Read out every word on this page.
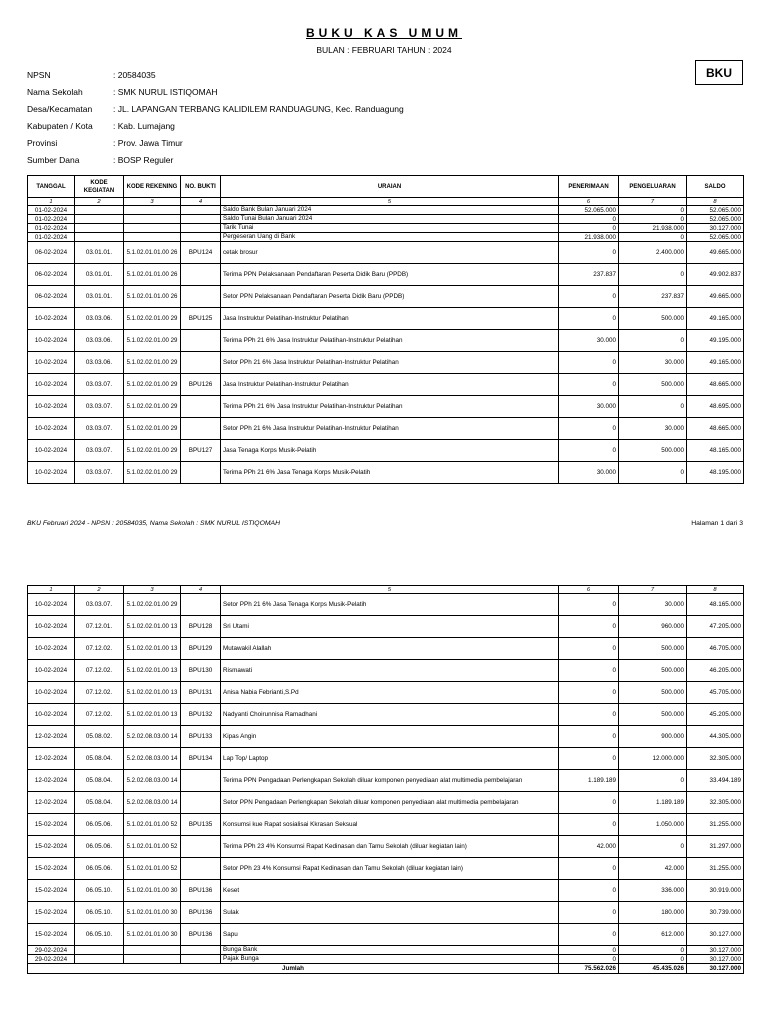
BUKU KAS UMUM
BULAN : FEBRUARI TAHUN : 2024
BKU
NPSN	: 20584035
Nama Sekolah	: SMK NURUL ISTIQOMAH
Desa/Kecamatan	: JL. LAPANGAN TERBANG KALIDILEM RANDUAGUNG, Kec. Randuagung
Kabupaten / Kota	: Kab. Lumajang
Provinsi	: Prov. Jawa Timur
Sumber Dana	: BOSP Reguler
TANGGAL	KODE KEGIATAN	KODE REKENING	NO. BUKTI	URAIAN	PENERIMAAN	PENGELUARAN	SALDO
1	2	3	4	5	6	7	8
01-02-2024				Saldo Bank Bulan Januari 2024	52.065.000	0	52.065.000
01-02-2024				Saldo Tunai Bulan Januari 2024	0	0	52.065.000
01-02-2024				Tarik Tunai	0	21.938.000	30.127.000
01-02-2024				Pergeseran Uang di Bank	21.938.000	0	52.065.000
06-02-2024	03.01.01.	5.1.02.01.01.00 26	BPU124	cetak brosur	0	2.400.000	49.665.000
06-02-2024	03.01.01.	5.1.02.01.01.00 26		Terima PPN Pelaksanaan Pendaftaran Peserta Didik Baru (PPDB)	237.837	0	49.902.837
06-02-2024	03.01.01.	5.1.02.01.01.00 26		Setor PPN Pelaksanaan Pendaftaran Peserta Didik Baru (PPDB)	0	237.837	49.665.000
10-02-2024	03.03.06.	5.1.02.02.01.00 29	BPU125	Jasa Instruktur Pelatihan-Instruktur Pelatihan	0	500.000	49.165.000
10-02-2024	03.03.06.	5.1.02.02.01.00 29		Terima PPh 21 6% Jasa Instruktur Pelatihan-Instruktur Pelatihan	30.000	0	49.195.000
10-02-2024	03.03.06.	5.1.02.02.01.00 29		Setor PPh 21 6% Jasa Instruktur Pelatihan-Instruktur Pelatihan	0	30.000	49.165.000
10-02-2024	03.03.07.	5.1.02.02.01.00 29	BPU126	Jasa Instruktur Pelatihan-Instruktur Pelatihan	0	500.000	48.665.000
10-02-2024	03.03.07.	5.1.02.02.01.00 29		Terima PPh 21 6% Jasa Instruktur Pelatihan-Instruktur Pelatihan	30.000	0	48.695.000
10-02-2024	03.03.07.	5.1.02.02.01.00 29		Setor PPh 21 6% Jasa Instruktur Pelatihan-Instruktur Pelatihan	0	30.000	48.665.000
10-02-2024	03.03.07.	5.1.02.02.01.00 29	BPU127	Jasa Tenaga Korps Musik-Pelatih	0	500.000	48.165.000
10-02-2024	03.03.07.	5.1.02.02.01.00 29		Terima PPh 21 6% Jasa Tenaga Korps Musik-Pelatih	30.000	0	48.195.000
BKU Februari 2024 - NPSN : 20584035, Nama Sekolah : SMK NURUL ISTIQOMAH	Halaman 1 dari 3
1	2	3	4	5	6	7	8
10-02-2024	03.03.07.	5.1.02.02.01.00 29		Setor PPh 21 6% Jasa Tenaga Korps Musik-Pelatih	0	30.000	48.165.000
10-02-2024	07.12.01.	5.1.02.02.01.00 13	BPU128	Sri Utami	0	960.000	47.205.000
10-02-2024	07.12.02.	5.1.02.02.01.00 13	BPU129	Mutawakil Alallah	0	500.000	46.705.000
10-02-2024	07.12.02.	5.1.02.02.01.00 13	BPU130	Rismawati	0	500.000	46.205.000
10-02-2024	07.12.02.	5.1.02.02.01.00 13	BPU131	Anisa Nabia Febrianti,S.Pd	0	500.000	45.705.000
10-02-2024	07.12.02.	5.1.02.02.01.00 13	BPU132	Nadyanti Choirunnisa Ramadhani	0	500.000	45.205.000
12-02-2024	05.08.02.	5.2.02.08.03.00 14	BPU133	Kipas Angin	0	900.000	44.305.000
12-02-2024	05.08.04.	5.2.02.08.03.00 14	BPU134	Lap Top/ Laptop	0	12.000.000	32.305.000
12-02-2024	05.08.04.	5.2.02.08.03.00 14		Terima PPN Pengadaan Perlengkapan Sekolah diluar komponen penyediaan alat multimedia pembelajaran	1.189.189	0	33.494.189
12-02-2024	05.08.04.	5.2.02.08.03.00 14		Setor PPN Pengadaan Perlengkapan Sekolah diluar komponen penyediaan alat multimedia pembelajaran	0	1.189.189	32.305.000
15-02-2024	06.05.06.	5.1.02.01.01.00 52	BPU135	Konsumsi kue Rapat sosialisai Kkrasan Seksual	0	1.050.000	31.255.000
15-02-2024	06.05.06.	5.1.02.01.01.00 52		Terima PPh 23 4% Konsumsi Rapat Kedinasan dan Tamu Sekolah (diluar kegiatan lain)	42.000	0	31.297.000
15-02-2024	06.05.06.	5.1.02.01.01.00 52		Setor PPh 23 4% Konsumsi Rapat Kedinasan dan Tamu Sekolah (diluar kegiatan lain)	0	42.000	31.255.000
15-02-2024	06.05.10.	5.1.02.01.01.00 30	BPU136	Keset	0	336.000	30.919.000
15-02-2024	06.05.10.	5.1.02.01.01.00 30	BPU136	Sulak	0	180.000	30.739.000
15-02-2024	06.05.10.	5.1.02.01.01.00 30	BPU136	Sapu	0	612.000	30.127.000
29-02-2024				Bunga Bank	0	0	30.127.000
29-02-2024				Pajak Bunga	0	0	30.127.000
Jumlah					75.562.026	45.435.026	30.127.000
